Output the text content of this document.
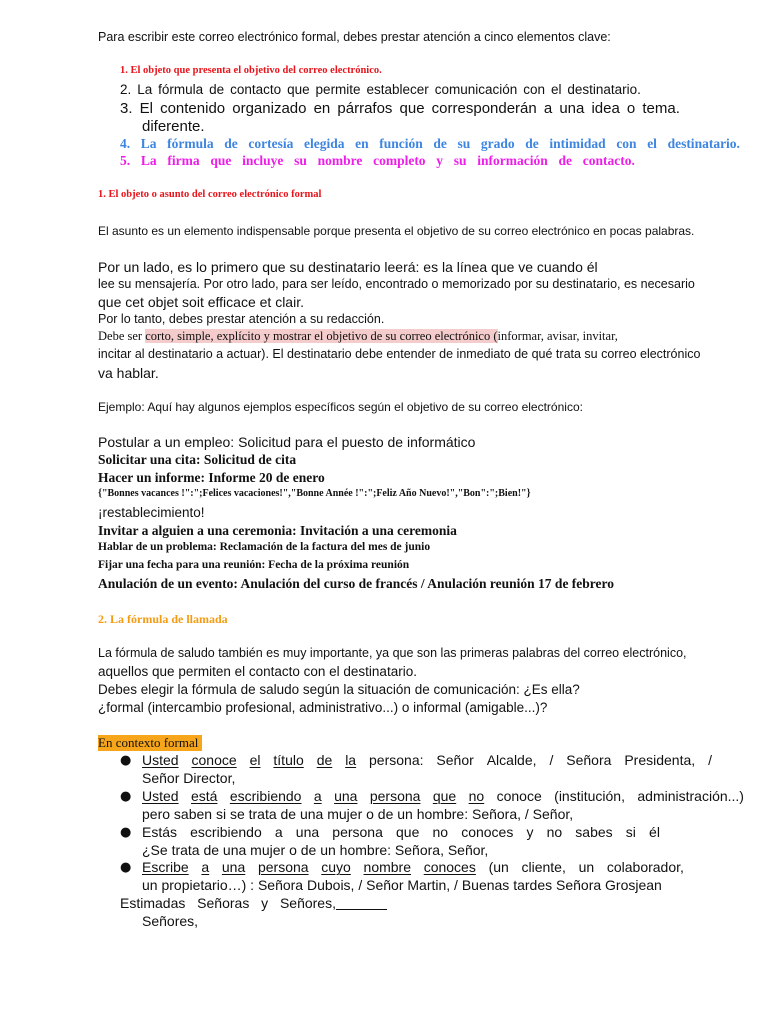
Para escribir este correo electrónico formal, debes prestar atención a cinco elementos clave:
1. El objeto que presenta el objetivo del correo electrónico.
2. La fórmula de contacto que permite establecer comunicación con el destinatario.
3. El contenido organizado en párrafos que corresponderán a una idea o tema.
diferente.
4. La fórmula de cortesía elegida en función de su grado de intimidad con el destinatario.
5. La firma que incluye su nombre completo y su información de contacto.
1. El objeto o asunto del correo electrónico formal
El asunto es un elemento indispensable porque presenta el objetivo de su correo electrónico en pocas palabras.
Por un lado, es lo primero que su destinatario leerá: es la línea que ve cuando él
lee su mensajería. Por otro lado, para ser leído, encontrado o memorizado por su destinatario, es necesario
que cet objet soit efficace et clair.
Por lo tanto, debes prestar atención a su redacción.
Debe ser corto, simple, explícito y mostrar el objetivo de su correo electrónico (informar, avisar, invitar,
incitar al destinatario a actuar). El destinatario debe entender de inmediato de qué trata su correo electrónico
va hablar.
Ejemplo: Aquí hay algunos ejemplos específicos según el objetivo de su correo electrónico:
Postular a un empleo: Solicitud para el puesto de informático
Solicitar una cita: Solicitud de cita
Hacer un informe: Informe 20 de enero
{"Bonnes vacances !":";Felices vacaciones!","Bonne Année !":";Feliz Año Nuevo!","Bon":";Bien!"}
¡restablecimiento!
Invitar a alguien a una ceremonia: Invitación a una ceremonia
Hablar de un problema: Reclamación de la factura del mes de junio
Fijar una fecha para una reunión: Fecha de la próxima reunión
Anulación de un evento: Anulación del curso de francés / Anulación reunión 17 de febrero
2. La fórmula de llamada
La fórmula de saludo también es muy importante, ya que son las primeras palabras del correo electrónico,
aquellos que permiten el contacto con el destinatario.
Debes elegir la fórmula de saludo según la situación de comunicación: ¿Es ella?
¿formal (intercambio profesional, administrativo...) o informal (amigable...)?
En contexto formal
● Usted conoce el título de la persona: Señor Alcalde, / Señora Presidenta, /
Señor Director,
● Usted está escribiendo a una persona que no conoce (institución, administración...)
pero saben si se trata de una mujer o de un hombre: Señora, / Señor,
● Estás escribiendo a una persona que no conoces y no sabes si él
¿Se trata de una mujer o de un hombre: Señora, Señor,
● Escribe a una persona cuyo nombre conoces (un cliente, un colaborador,
un propietario…) : Señora Dubois, / Señor Martin, / Buenas tardes Señora Grosjean
Estimadas Señoras y Señores,
Señores,
